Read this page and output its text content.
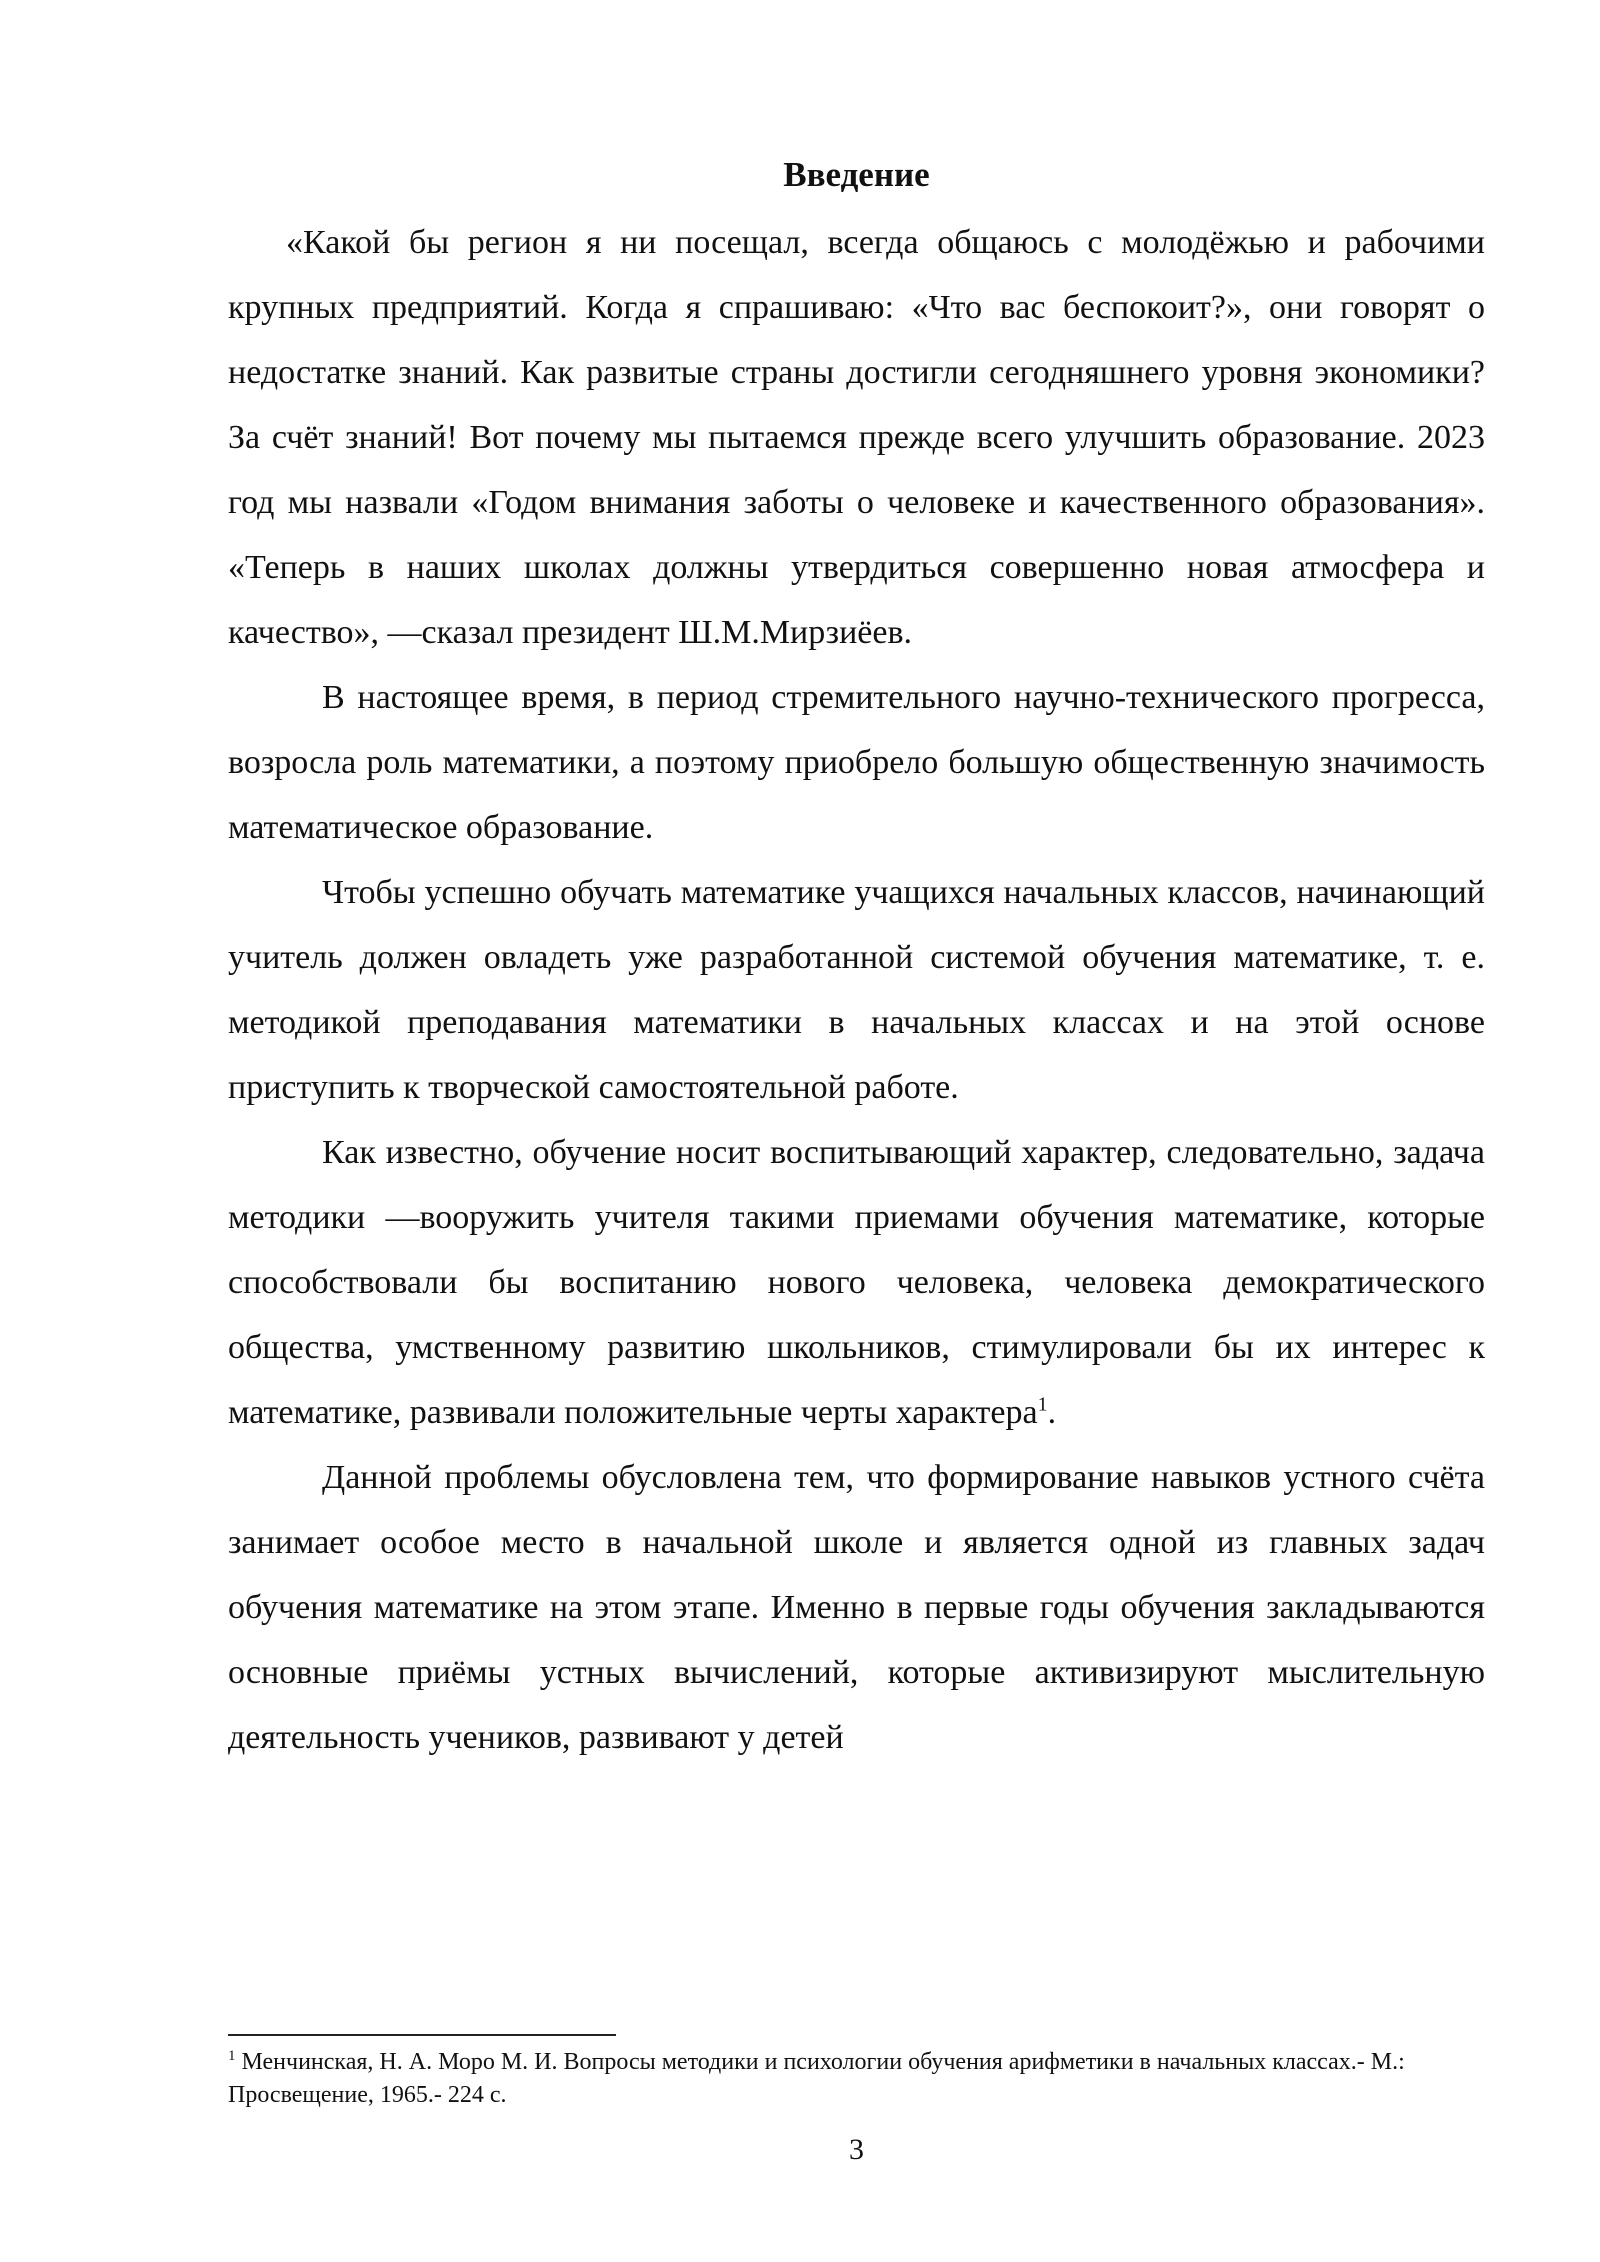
Введение

«Какой бы регион я ни посещал, всегда общаюсь с молодёжью и рабочими крупных предприятий. Когда я спрашиваю: «Что вас беспокоит?», они говорят о недостатке знаний. Как развитые страны достигли сегодняшнего уровня экономики? За счёт знаний! Вот почему мы пытаемся прежде всего улучшить образование. 2023 год мы назвали «Годом внимания заботы о человеке и качественного образования». «Теперь в наших школах должны утвердиться совершенно новая атмосфера и качество», —сказал президент Ш.М.Мирзиёев.

В настоящее время, в период стремительного научно-технического прогресса, возросла роль математики, а поэтому приобрело большую общественную значимость математическое образование.

Чтобы успешно обучать математике учащихся начальных классов, начинающий учитель должен овладеть уже разработанной системой обучения математике, т. е. методикой преподавания математики в начальных классах и на этой основе приступить к творческой самостоятельной работе.

Как известно, обучение носит воспитывающий характер, следовательно, задача методики —вооружить учителя такими приемами обучения математике, которые способствовали бы воспитанию нового человека, человека демократического общества, умственному развитию школьников, стимулировали бы их интерес к математике, развивали положительные черты характера$^1$.

Данной проблемы обусловлена тем, что формирование навыков устного счёта занимает особое место в начальной школе и является одной из главных задач обучения математике на этом этапе. Именно в первые годы обучения закладываются основные приёмы устных вычислений, которые активизируют мыслительную деятельность учеников, развивают у детей

$^1$ Менчинская, Н. А. Моро М. И. Вопросы методики и психологии обучения арифметики в начальных классах.- М.: Просвещение, 1965.- 224 с.
3
